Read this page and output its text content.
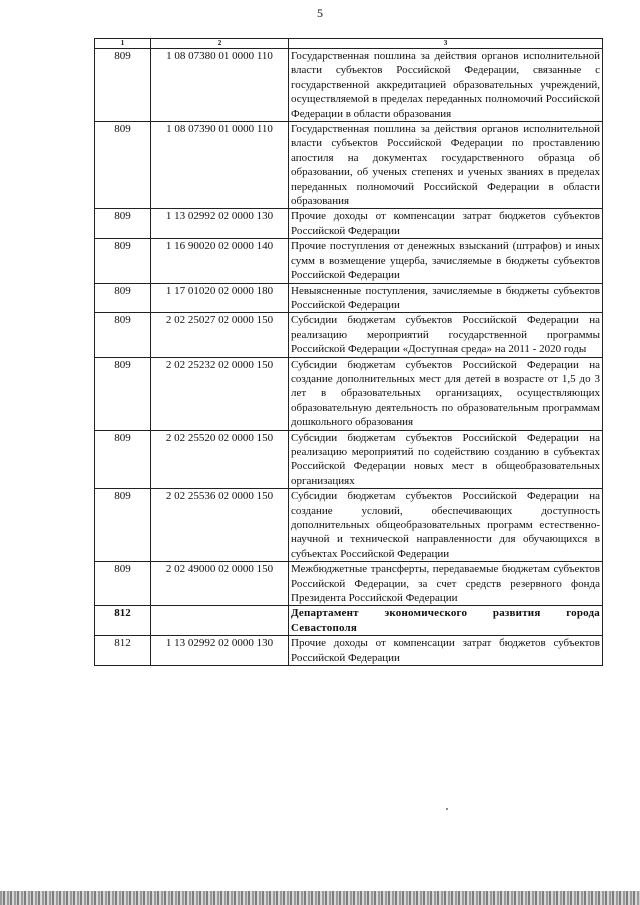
5
1	2	3
809	1 08 07380 01 0000 110	Государственная пошлина за действия органов исполнительной власти субъектов Российской Федерации, связанные с государственной аккредитацией образовательных учреждений, осуществляемой в пределах переданных полномочий Российской Федерации в области образования
809	1 08 07390 01 0000 110	Государственная пошлина за действия органов исполнительной власти субъектов Российской Федерации по проставлению апостиля на документах государственного образца об образовании, об ученых степенях и ученых званиях в пределах переданных полномочий Российской Федерации в области образования
809	1 13 02992 02 0000 130	Прочие доходы от компенсации затрат бюджетов субъектов Российской Федерации
809	1 16 90020 02 0000 140	Прочие поступления от денежных взысканий (штрафов) и иных сумм в возмещение ущерба, зачисляемые в бюджеты субъектов Российской Федерации
809	1 17 01020 02 0000 180	Невыясненные поступления, зачисляемые в бюджеты субъектов Российской Федерации
809	2 02 25027 02 0000 150	Субсидии бюджетам субъектов Российской Федерации на реализацию мероприятий государственной программы Российской Федерации «Доступная среда» на 2011 - 2020 годы
809	2 02 25232 02 0000 150	Субсидии бюджетам субъектов Российской Федерации на создание дополнительных мест для детей в возрасте от 1,5 до 3 лет в образовательных организациях, осуществляющих образовательную деятельность по образовательным программам дошкольного образования
809	2 02 25520 02 0000 150	Субсидии бюджетам субъектов Российской Федерации на реализацию мероприятий по содействию созданию в субъектах Российской Федерации новых мест в общеобразовательных организациях
809	2 02 25536 02 0000 150	Субсидии бюджетам субъектов Российской Федерации на создание условий, обеспечивающих доступность дополнительных общеобразовательных программ естественно-научной и технической направленности для обучающихся в субъектах Российской Федерации
809	2 02 49000 02 0000 150	Межбюджетные трансферты, передаваемые бюджетам субъектов Российской Федерации, за счет средств резервного фонда Президента Российской Федерации
812		Департамент экономического развития города Севастополя
812	1 13 02992 02 0000 130	Прочие доходы от компенсации затрат бюджетов субъектов Российской Федерации
